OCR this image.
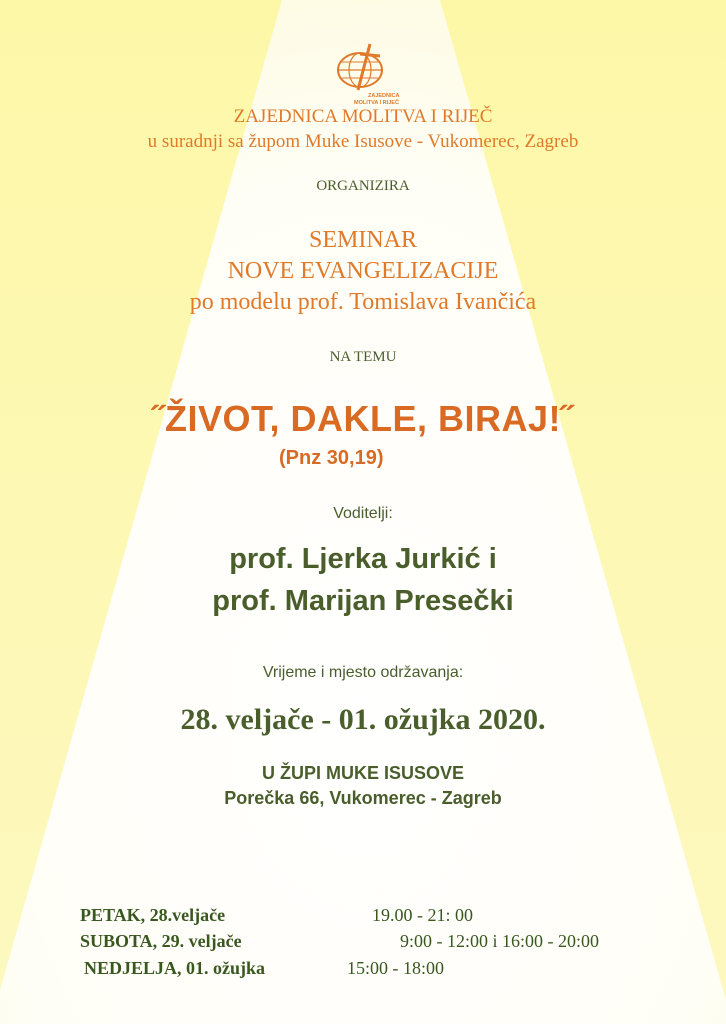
ZAJEDNICA
MOLITVA I RIJEČ
ZAJEDNICA MOLITVA I RIJEČ
u suradnji sa župom Muke Isusove - Vukomerec, Zagreb
ORGANIZIRA
SEMINAR
NOVE EVANGELIZACIJE
po modelu prof. Tomislava Ivančića
NA TEMU
˝ŽIVOT, DAKLE, BIRAJ!˝
(Pnz 30,19)
Voditelji:
prof. Ljerka Jurkić i
prof. Marijan Presečki
Vrijeme i mjesto održavanja:
28. veljače - 01. ožujka 2020.
U ŽUPI MUKE ISUSOVE
Porečka 66, Vukomerec - Zagreb
PETAK, 28.veljače	19.00 - 21: 00
SUBOTA, 29. veljače	9:00 - 12:00 i 16:00 - 20:00
NEDJELJA, 01. ožujka	15:00 - 18:00
